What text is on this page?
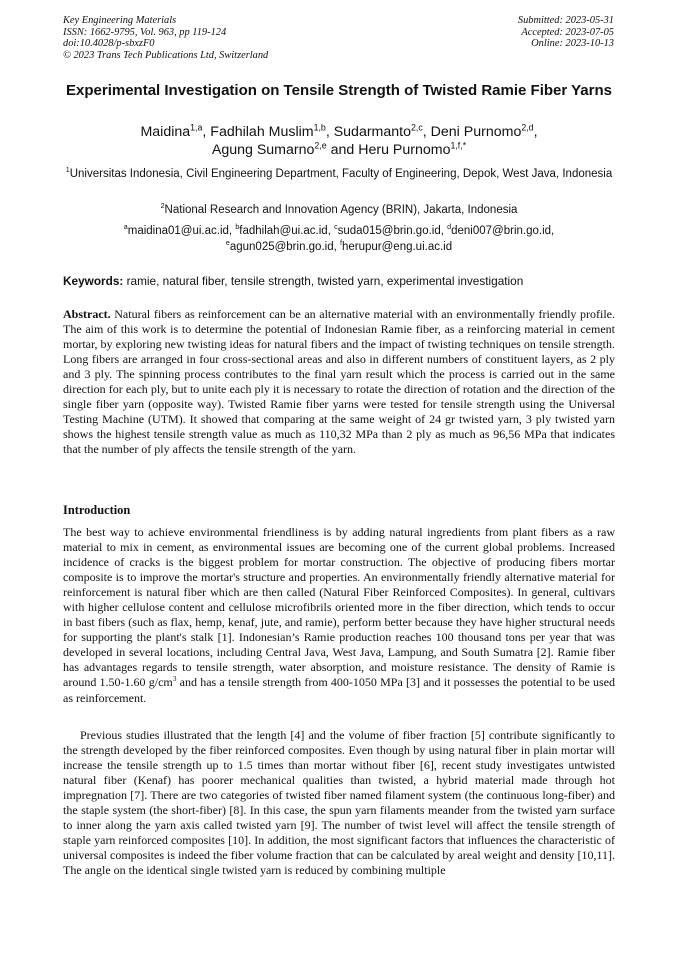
Key Engineering Materials
ISSN: 1662-9795, Vol. 963, pp 119-124
doi:10.4028/p-sbxzF0
© 2023 Trans Tech Publications Ltd, Switzerland
Submitted: 2023-05-31
Accepted: 2023-07-05
Online: 2023-10-13
Experimental Investigation on Tensile Strength of Twisted Ramie Fiber Yarns
Maidina$^{1,a}$, Fadhilah Muslim$^{1,b}$, Sudarmanto$^{2,c}$, Deni Purnomo$^{2,d}$,
Agung Sumarno$^{2,e}$ and Heru Purnomo$^{1,f,*}$
$^1$Universitas Indonesia, Civil Engineering Department, Faculty of Engineering, Depok, West Java, Indonesia
$^2$National Research and Innovation Agency (BRIN), Jakarta, Indonesia
$^a$maidina01@ui.ac.id, $^b$fadhilah@ui.ac.id, $^c$suda015@brin.go.id, $^d$deni007@brin.go.id,
$^e$agun025@brin.go.id, $^f$herupur@eng.ui.ac.id
Keywords: ramie, natural fiber, tensile strength, twisted yarn, experimental investigation
Abstract. Natural fibers as reinforcement can be an alternative material with an environmentally friendly profile. The aim of this work is to determine the potential of Indonesian Ramie fiber, as a reinforcing material in cement mortar, by exploring new twisting ideas for natural fibers and the impact of twisting techniques on tensile strength. Long fibers are arranged in four cross-sectional areas and also in different numbers of constituent layers, as 2 ply and 3 ply. The spinning process contributes to the final yarn result which the process is carried out in the same direction for each ply, but to unite each ply it is necessary to rotate the direction of rotation and the direction of the single fiber yarn (opposite way). Twisted Ramie fiber yarns were tested for tensile strength using the Universal Testing Machine (UTM). It showed that comparing at the same weight of 24 gr twisted yarn, 3 ply twisted yarn shows the highest tensile strength value as much as 110,32 MPa than 2 ply as much as 96,56 MPa that indicates that the number of ply affects the tensile strength of the yarn.
Introduction
The best way to achieve environmental friendliness is by adding natural ingredients from plant fibers as a raw material to mix in cement, as environmental issues are becoming one of the current global problems. Increased incidence of cracks is the biggest problem for mortar construction. The objective of producing fibers mortar composite is to improve the mortar's structure and properties. An environmentally friendly alternative material for reinforcement is natural fiber which are then called (Natural Fiber Reinforced Composites). In general, cultivars with higher cellulose content and cellulose microfibrils oriented more in the fiber direction, which tends to occur in bast fibers (such as flax, hemp, kenaf, jute, and ramie), perform better because they have higher structural needs for supporting the plant's stalk [1]. Indonesian’s Ramie production reaches 100 thousand tons per year that was developed in several locations, including Central Java, West Java, Lampung, and South Sumatra [2]. Ramie fiber has advantages regards to tensile strength, water absorption, and moisture resistance. The density of Ramie is around 1.50-1.60 $g/cm^3$ and has a tensile strength from 400-1050 MPa [3] and it possesses the potential to be used as reinforcement.
Previous studies illustrated that the length [4] and the volume of fiber fraction [5] contribute significantly to the strength developed by the fiber reinforced composites. Even though by using natural fiber in plain mortar will increase the tensile strength up to 1.5 times than mortar without fiber [6], recent study investigates untwisted natural fiber (Kenaf) has poorer mechanical qualities than twisted, a hybrid material made through hot impregnation [7]. There are two categories of twisted fiber named filament system (the continuous long-fiber) and the staple system (the short-fiber) [8]. In this case, the spun yarn filaments meander from the twisted yarn surface to inner along the yarn axis called twisted yarn [9]. The number of twist level will affect the tensile strength of staple yarn reinforced composites [10]. In addition, the most significant factors that influences the characteristic of universal composites is indeed the fiber volume fraction that can be calculated by areal weight and density [10,11]. The angle on the identical single twisted yarn is reduced by combining multiple
